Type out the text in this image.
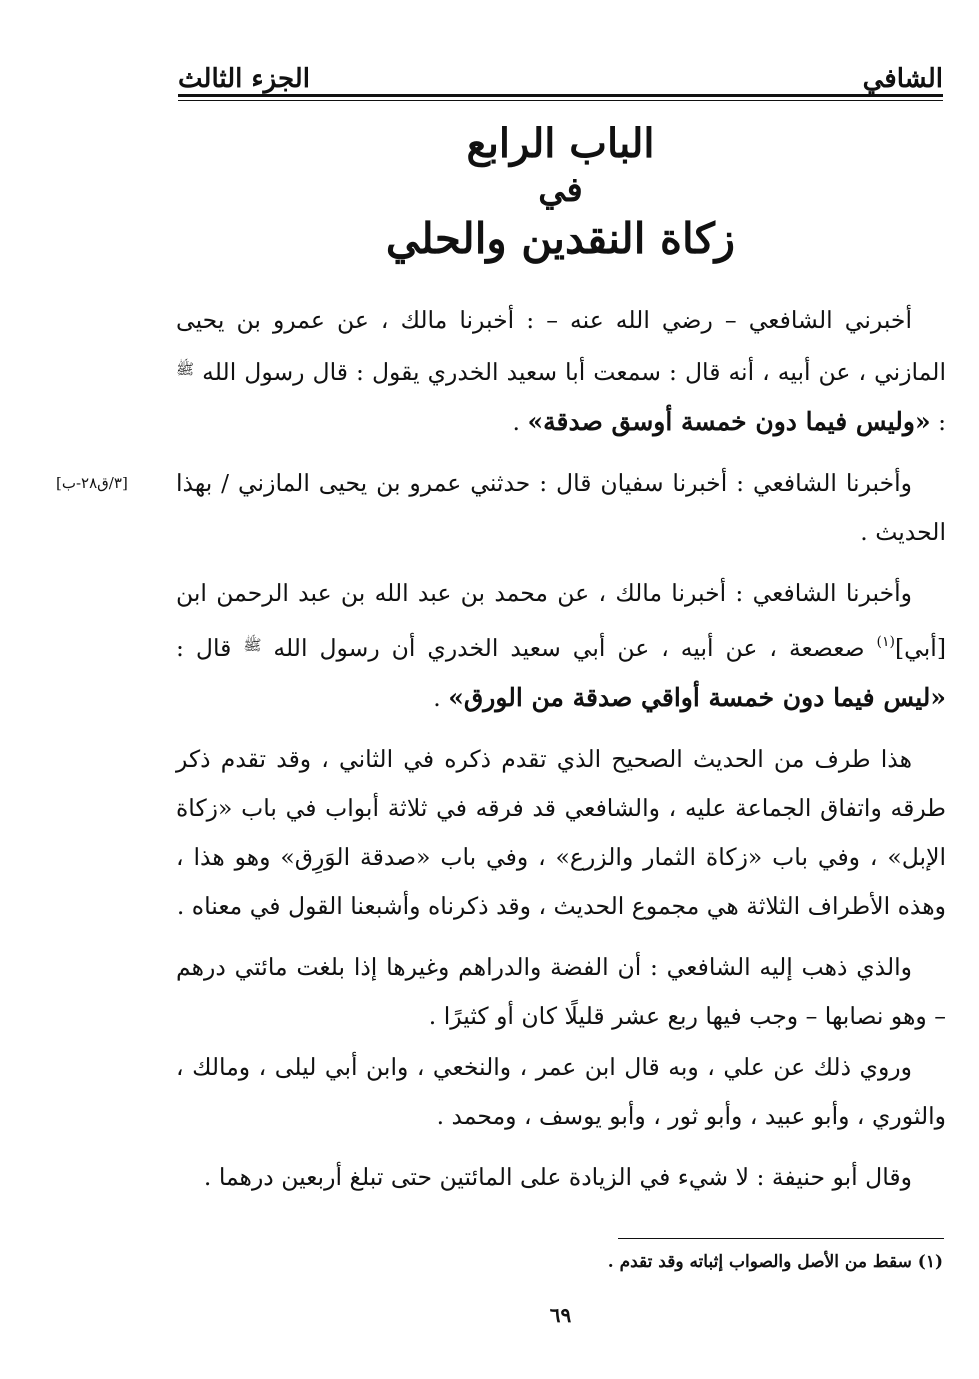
الشافي
الجزء الثالث
الباب الرابع
في
زكاة النقدين والحلي
[٣/ق٢٨-ب]

أخبرني الشافعي – رضي الله عنه – : أخبرنا مالك ، عن عمرو بن يحيى المازني ، عن أبيه ، أنه قال : سمعت أبا سعيد الخدري يقول : قال رسول الله $^ﷺ$ : «وليس فيما دون خمسة أوسق صدقة» .

وأخبرنا الشافعي : أخبرنا سفيان قال : حدثني عمرو بن يحيى المازني / بهذا الحديث .

وأخبرنا الشافعي : أخبرنا مالك ، عن محمد بن عبد الله بن عبد الرحمن ابن [أبي]$^{(١)}$ صعصعة ، عن أبيه ، عن أبي سعيد الخدري أن رسول الله $^ﷺ$ قال : «ليس فيما دون خمسة أواقي صدقة من الورق» .

هذا طرف من الحديث الصحيح الذي تقدم ذكره في الثاني ، وقد تقدم ذكر طرقه واتفاق الجماعة عليه ، والشافعي قد فرقه في ثلاثة أبواب في باب «زكاة الإبل» ، وفي باب «زكاة الثمار والزرع» ، وفي باب «صدقة الوَرِق» وهو هذا ، وهذه الأطراف الثلاثة هي مجموع الحديث ، وقد ذكرناه وأشبعنا القول في معناه .

والذي ذهب إليه الشافعي : أن الفضة والدراهم وغيرها إذا بلغت مائتي درهم – وهو نصابها – وجب فيها ربع عشر قليلًا كان أو كثيرًا .

وروي ذلك عن علي ، وبه قال ابن عمر ، والنخعي ، وابن أبي ليلى ، ومالك ، والثوري ، وأبو عبيد ، وأبو ثور ، وأبو يوسف ، ومحمد .

وقال أبو حنيفة : لا شيء في الزيادة على المائتين حتى تبلغ أربعين درهما .

(١) سقط من الأصل والصواب إثباته وقد تقدم .
٦٩
